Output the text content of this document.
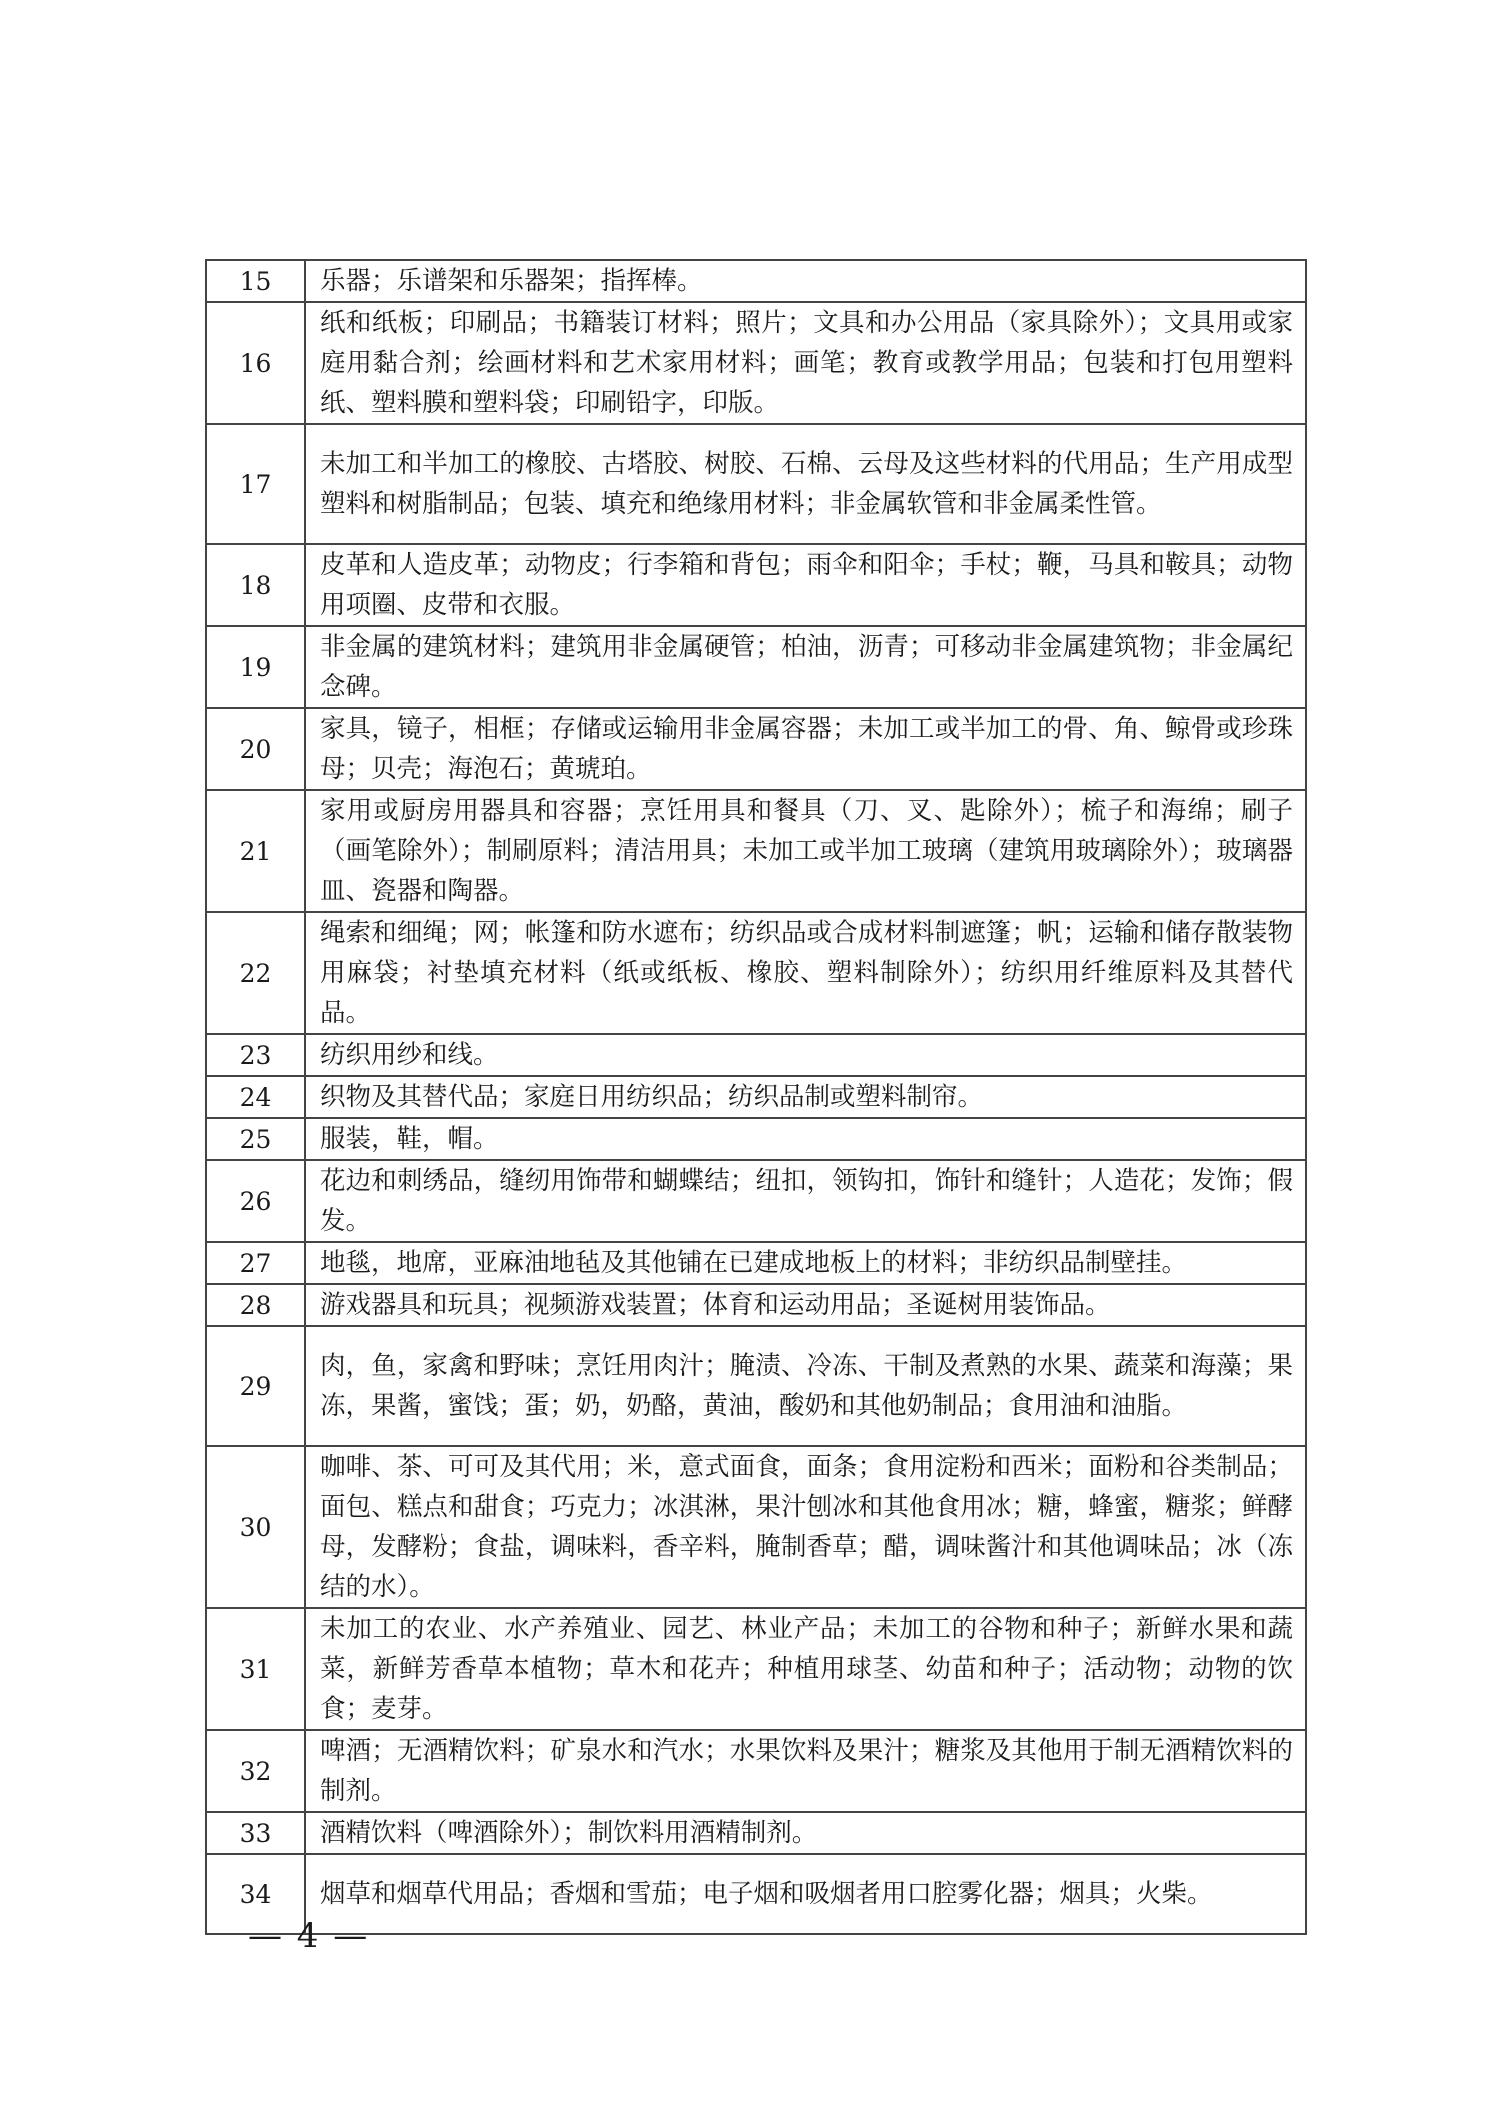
15	乐器；乐谱架和乐器架；指挥棒。
16	纸和纸板；印刷品；书籍装订材料；照片；文具和办公用品（家具除外）；文具用或家庭用黏合剂；绘画材料和艺术家用材料；画笔；教育或教学用品；包装和打包用塑料纸、塑料膜和塑料袋；印刷铅字，印版。
17	未加工和半加工的橡胶、古塔胶、树胶、石棉、云母及这些材料的代用品；生产用成型塑料和树脂制品；包装、填充和绝缘用材料；非金属软管和非金属柔性管。
18	皮革和人造皮革；动物皮；行李箱和背包；雨伞和阳伞；手杖；鞭，马具和鞍具；动物用项圈、皮带和衣服。
19	非金属的建筑材料；建筑用非金属硬管；柏油，沥青；可移动非金属建筑物；非金属纪念碑。
20	家具，镜子，相框；存储或运输用非金属容器；未加工或半加工的骨、角、鲸骨或珍珠母；贝壳；海泡石；黄琥珀。
21	家用或厨房用器具和容器；烹饪用具和餐具（刀、叉、匙除外）；梳子和海绵；刷子（画笔除外）；制刷原料；清洁用具；未加工或半加工玻璃（建筑用玻璃除外）；玻璃器皿、瓷器和陶器。
22	绳索和细绳；网；帐篷和防水遮布；纺织品或合成材料制遮篷；帆；运输和储存散装物用麻袋；衬垫填充材料（纸或纸板、橡胶、塑料制除外）；纺织用纤维原料及其替代品。
23	纺织用纱和线。
24	织物及其替代品；家庭日用纺织品；纺织品制或塑料制帘。
25	服装，鞋，帽。
26	花边和刺绣品，缝纫用饰带和蝴蝶结；纽扣，领钩扣，饰针和缝针；人造花；发饰；假发。
27	地毯，地席，亚麻油地毡及其他铺在已建成地板上的材料；非纺织品制壁挂。
28	游戏器具和玩具；视频游戏装置；体育和运动用品；圣诞树用装饰品。
29	肉，鱼，家禽和野味；烹饪用肉汁；腌渍、冷冻、干制及煮熟的水果、蔬菜和海藻；果冻，果酱，蜜饯；蛋；奶，奶酪，黄油，酸奶和其他奶制品；食用油和油脂。
30	咖啡、茶、可可及其代用；米，意式面食，面条；食用淀粉和西米；面粉和谷类制品；面包、糕点和甜食；巧克力；冰淇淋，果汁刨冰和其他食用冰；糖，蜂蜜，糖浆；鲜酵母，发酵粉；食盐，调味料，香辛料，腌制香草；醋，调味酱汁和其他调味品；冰（冻结的水）。
31	未加工的农业、水产养殖业、园艺、林业产品；未加工的谷物和种子；新鲜水果和蔬菜，新鲜芳香草本植物；草木和花卉；种植用球茎、幼苗和种子；活动物；动物的饮食；麦芽。
32	啤酒；无酒精饮料；矿泉水和汽水；水果饮料及果汁；糖浆及其他用于制无酒精饮料的制剂。
33	酒精饮料（啤酒除外）；制饮料用酒精制剂。
34	烟草和烟草代用品；香烟和雪茄；电子烟和吸烟者用口腔雾化器；烟具；火柴。
— 4 —
